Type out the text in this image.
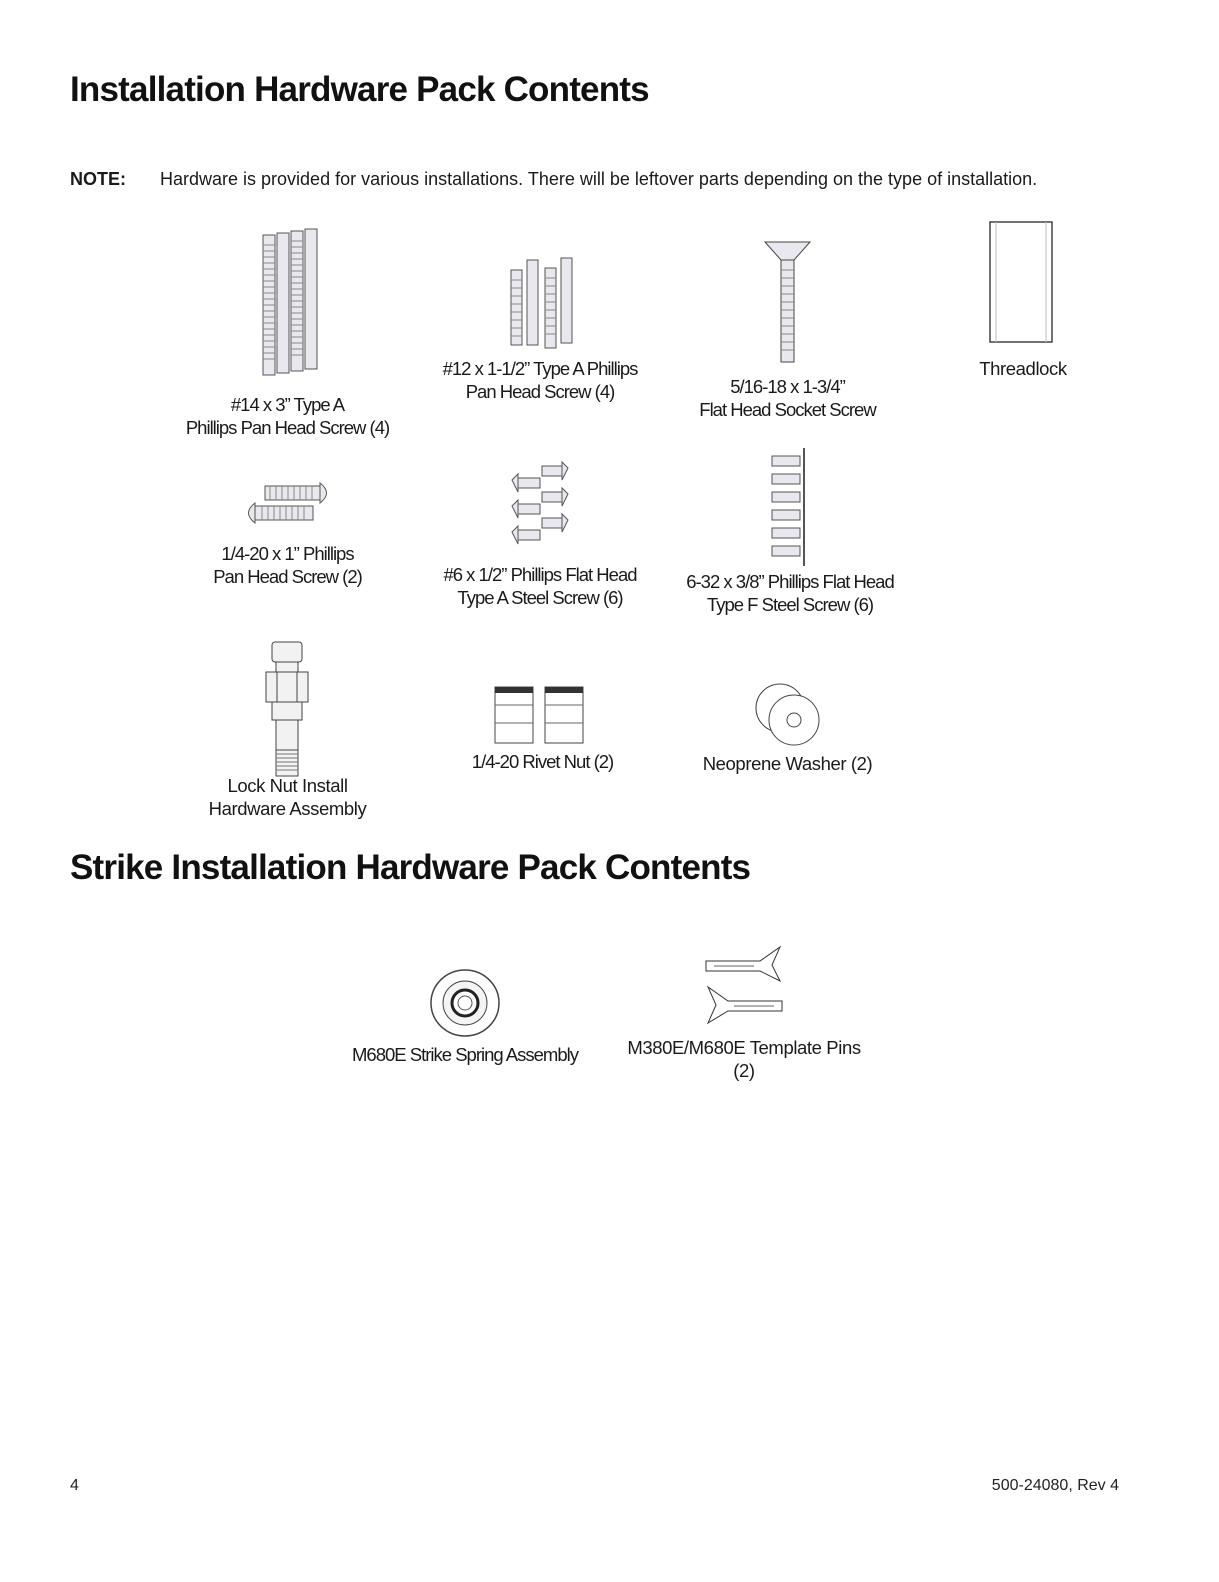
Installation Hardware Pack Contents
NOTE: Hardware is provided for various installations. There will be leftover parts depending on the type of installation.
#14 x 3” Type A
Phillips Pan Head Screw (4)
#12 x 1-1/2” Type A Phillips
Pan Head Screw (4)	5/16-18 x 1-3/4”
Flat Head Socket Screw
Threadlock
1/4-20 x 1” Phillips
Pan Head Screw (2)	#6 x 1/2” Phillips Flat Head
Type A Steel Screw (6)
6-32 x 3/8” Phillips Flat Head
Type F Steel Screw (6)
Lock Nut Install
Hardware Assembly
1/4-20 Rivet Nut (2)	Neoprene Washer (2)
Strike Installation Hardware Pack Contents
M680E Strike Spring Assembly	M380E/M680E Template Pins
(2)
4	500-24080, Rev 4
